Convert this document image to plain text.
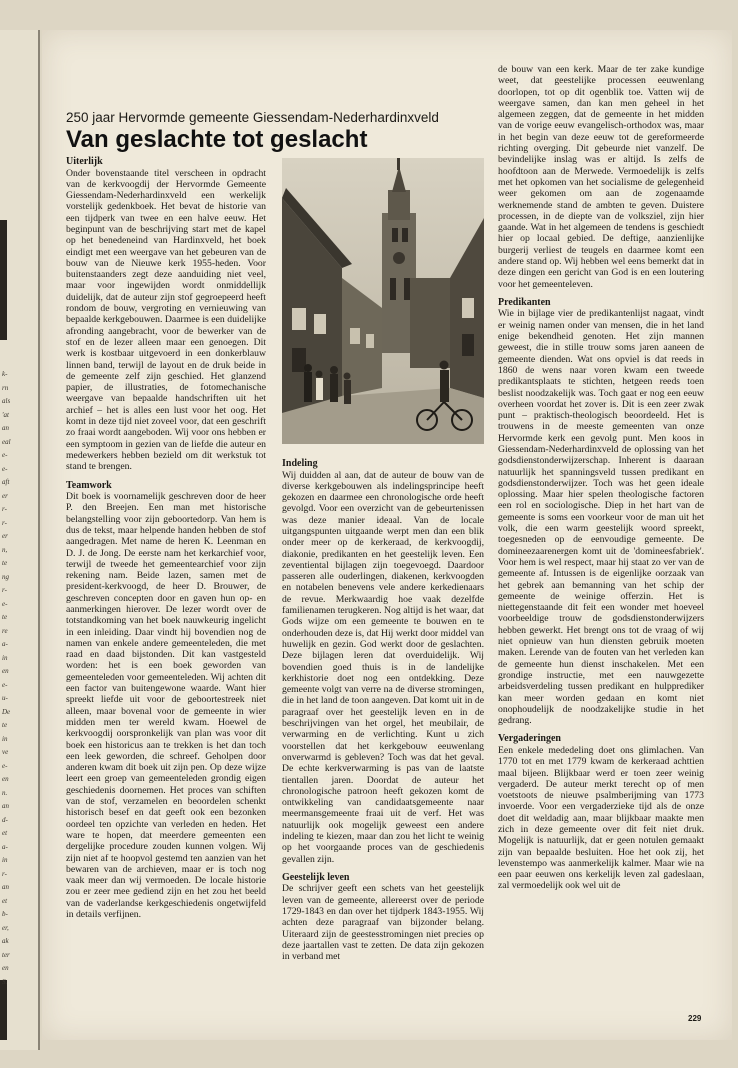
k-
rn
als
'at
an
eal
e-
e-
aft
er
r-
r-
er
n,
te
ng
r-
e-
te
re
a-
in
en
e-
u-
De
te
in
ve
e-
en
n.
an
d-
et
a-
in
r-
an
et
b-
er,
ak
ter
en
S.
250 jaar Hervormde gemeente Giessendam-Nederhardinxveld
Van geslachte tot geslacht
Uiterlijk

Onder bovenstaande titel verscheen in opdracht van de kerkvoogdij der Hervormde Gemeente Giessendam-Nederhardinxveld een werkelijk vorstelijk gedenkboek. Het bevat de historie van een tijdperk van twee en een halve eeuw. Het beginpunt van de beschrijving start met de kapel op het benedeneind van Hardinxveld, het boek eindigt met een weergave van het gebeuren van de bouw van de Nieuwe kerk 1955-heden. Voor buitenstaanders zegt deze aanduiding niet veel, maar voor ingewijden wordt onmiddellijk duidelijk, dat de auteur zijn stof gegroepeerd heeft rondom de bouw, vergroting en vernieuwing van bepaalde kerkgebouwen. Daarmee is een duidelijke afronding aangebracht, voor de bewerker van de stof en de lezer alleen maar een genoegen. Dit werk is kostbaar uitgevoerd in een donkerblauw linnen band, terwijl de layout en de druk beide in de gemeente zelf zijn geschied. Het glanzend papier, de illustraties, de fotomechanische weergave van bepaalde handschriften uit het archief – het is alles een lust voor het oog. Het komt in deze tijd niet zoveel voor, dat een geschrift zo fraai wordt aangeboden. Wij voor ons hebben er een symptoom in gezien van de liefde die auteur en medewerkers hebben bezield om dit werkstuk tot stand te brengen.

Teamwork

Dit boek is voornamelijk geschreven door de heer P. den Breejen. Een man met historische belangstelling voor zijn geboortedorp. Van hem is dus de tekst, maar helpende handen hebben de stof aangedragen. Met name de heren K. Leenman en D. J. de Jong. De eerste nam het kerkarchief voor, terwijl de tweede het gemeentearchief voor zijn rekening nam. Beide lazen, samen met de president-kerkvoogd, de heer D. Brouwer, de geschreven concepten door en gaven hun op- en aanmerkingen hierover. De lezer wordt over de totstandkoming van het boek nauwkeurig ingelicht in een inleiding. Daar vindt hij bovendien nog de namen van enkele andere gemeenteleden, die met raad en daad bijstonden. Dit kan vastgesteld worden: het is een boek geworden van gemeenteleden voor gemeenteleden. Wij achten dit een factor van buitengewone waarde. Want hier spreekt liefde uit voor de geboortestreek niet alleen, maar bovenal voor de gemeente in wier midden men ter wereld kwam. Hoewel de kerkvoogdij oorspronkelijk van plan was voor dit boek een historicus aan te trekken is het dan toch een leek geworden, die schreef. Geholpen door anderen kwam dit boek uit zijn pen. Op deze wijze leert een groep van gemeenteleden grondig eigen geschiedenis doornemen. Het proces van schiften van de stof, verzamelen en beoordelen schenkt historisch besef en dat geeft ook een bezonken oordeel ten opzichte van verleden en heden. Het ware te hopen, dat meerdere gemeenten een dergelijke procedure zouden kunnen volgen. Wij zijn niet af te hoopvol gestemd ten aanzien van het bewaren van de archieven, maar er is toch nog vaak meer dan wij vermoeden. De locale historie zou er zeer mee gediend zijn en het zou het beeld van de vaderlandse kerkgeschiedenis ongetwijfeld in details verfijnen.

Indeling

Wij duidden al aan, dat de auteur de bouw van de diverse kerkgebouwen als indelingsprincipe heeft gekozen en daarmee een chronologische orde heeft gevolgd. Voor een overzicht van de gebeurtenissen was deze manier ideaal. Van de locale uitgangspunten uitgaande werpt men dan een blik onder meer op de kerkeraad, de kerkvoogdij, diakonie, predikanten en het geestelijk leven. Een zeventiental bijlagen zijn toegevoegd. Daardoor passeren alle ouderlingen, diakenen, kerkvoogden en notabelen benevens vele andere kerkedienaars de revue. Merkwaardig hoe vaak dezelfde familienamen terugkeren. Nog altijd is het waar, dat Gods wijze om een gemeente te bouwen en te onderhouden deze is, dat Hij werkt door middel van huwelijk en gezin. God werkt door de geslachten. Deze bijlagen leren dat overduidelijk. Wij bovendien goed thuis is in de landelijke kerkhistorie doet nog een ontdekking. Deze gemeente volgt van verre na de diverse stromingen, die in het land de toon aangeven. Dat komt uit in de paragraaf over het geestelijk leven en in de beschrijvingen van het orgel, het meubilair, de verwarming en de verlichting. Kunt u zich voorstellen dat het kerkgebouw eeuwenlang onverwarmd is gebleven? Toch was dat het geval. De echte kerkverwarming is pas van de laatste tientallen jaren. Doordat de auteur het chronologische patroon heeft gekozen komt de ontwikkeling van candidaatsgemeente naar meermansgemeente fraai uit de verf. Het was natuurlijk ook mogelijk geweest een andere indeling te kiezen, maar dan zou het licht te weinig op het voorgaande proces van de geschiedenis gevallen zijn.

Geestelijk leven

De schrijver geeft een schets van het geestelijk leven van de gemeente, allereerst over de periode 1729-1843 en dan over het tijdperk 1843-1955. Wij achten deze paragraaf van bijzonder belang. Uiteraard zijn de geestesstromingen niet precies op deze jaartallen vast te zetten. De data zijn gekozen in verband met

de bouw van een kerk. Maar de ter zake kundige weet, dat geestelijke processen eeuwenlang doorlopen, tot op dit ogenblik toe. Vatten wij de weergave samen, dan kan men geheel in het algemeen zeggen, dat de gemeente in het midden van de vorige eeuw evangelisch-orthodox was, maar in het begin van deze eeuw tot de gereformeerde richting overging. Dit gebeurde niet vanzelf. De bevindelijke inslag was er altijd. Is zelfs de hoofdtoon aan de Merwede. Vermoedelijk is zelfs met het opkomen van het socialisme de gelegenheid weer gekomen om aan de zogenaamde werknemende stand de ambten te geven. Duistere processen, in de diepte van de volksziel, zijn hier gaande. Wat in het algemeen de tendens is geschiedt hier op locaal gebied. De deftige, aanzienlijke burgerij verliest de teugels en daarmee komt een andere stand op. Wij hebben wel eens bemerkt dat in deze dingen een gericht van God is en een loutering voor het gemeenteleven.

Predikanten

Wie in bijlage vier de predikantenlijst nagaat, vindt er weinig namen onder van mensen, die in het land enige bekendheid genoten. Het zijn mannen geweest, die in stille trouw soms jaren aaneen de gemeente dienden. Wat ons opviel is dat reeds in 1860 de wens naar voren kwam een tweede predikantsplaats te stichten, hetgeen reeds toen beslist noodzakelijk was. Toch gaat er nog een eeuw overheen voordat het zover is. Dit is een zeer zwak punt – praktisch-theologisch beoordeeld. Het is trouwens in de meeste gemeenten van onze Hervormde kerk een gevolg punt. Men koos in Giessendam-Nederhardinxveld de oplossing van het godsdienstonderwijzerschap. Inherent is daaraan natuurlijk het spanningsveld tussen predikant en godsdienstonderwijzer. Toch was het geen ideale oplossing. Maar hier spelen theologische factoren een rol en sociologische. Diep in het hart van de gemeente is soms een voorkeur voor de man uit het volk, die een warm geestelijk woord spreekt, toegesneden op de eenvoudige gemeente. De domineezaarenergen komt uit de 'domineesfabriek'. Voor hem is wel respect, maar hij staat zo ver van de gemeente af. Intussen is de eigenlijke oorzaak van het gebrek aan bemanning van het schip der gemeente de weinige offerzin. Het is niettegenstaande dit feit een wonder met hoeveel voorbeeldige trouw de godsdienstonderwijzers hebben gewerkt. Het brengt ons tot de vraag of wij niet opnieuw van hun diensten gebruik moeten maken. Lerende van de fouten van het verleden kan de gemeente hun dienst inschakelen. Met een grondige instructie, met een nauwgezette arbeidsverdeling tussen predikant en hulpprediker kan meer worden gedaan en komt niet onophoudelijk de noodzakelijke studie in het gedrang.

Vergaderingen

Een enkele mededeling doet ons glimlachen. Van 1770 tot en met 1779 kwam de kerkeraad achttien maal bijeen. Blijkbaar werd er toen zeer weinig vergaderd. De auteur merkt terecht op of men voetstoots de nieuwe psalmberijming van 1773 invoerde. Voor een vergaderzieke tijd als de onze doet dit weldadig aan, maar blijkbaar maakte men zich in deze gemeente over dit feit niet druk. Mogelijk is natuurlijk, dat er geen notulen gemaakt zijn van bepaalde besluiten. Hoe het ook zij, het levenstempo was aanmerkelijk kalmer. Maar wie na een paar eeuwen ons kerkelijk leven zal gadeslaan, zal vermoedelijk ook wel uit de

229
